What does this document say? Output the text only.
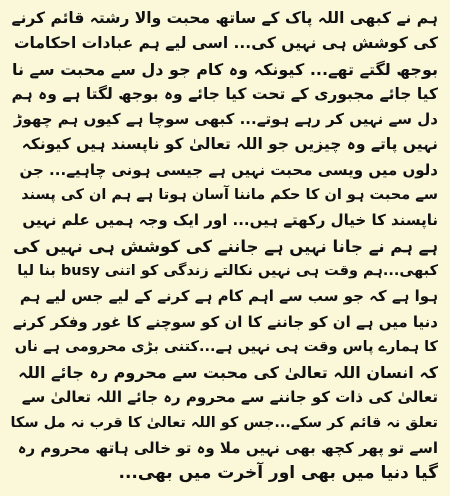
ہم نے کبھی اللہ پاک کے ساتھ محبت والا رشتہ قائم کرنے
کی کوشش ہی نہیں کی... اسی لیے ہم عبادات احکامات
بوجھ لگتے تھے... کیونکہ وہ کام جو دل سے محبت سے نا
کیا جائے مجبوری کے تحت کیا جائے وہ بوجھ لگتا ہے وہ ہم
دل سے نہیں کر رہے ہوتے... کبھی سوچا ہے کیوں ہم چھوڑ
نہیں پاتے وہ چیزیں جو اللہ تعالیٰ کو ناپسند ہیں کیونکہ
دلوں میں ویسی محبت نہیں ہے جیسی ہونی چاہیے... جن
سے محبت ہو ان کا حکم ماننا آسان ہوتا ہے ہم ان کی پسند
ناپسند کا خیال رکھتے ہیں... اور ایک وجہ ہمیں علم نہیں
ہے ہم نے جانا نہیں ہے جاننے کی کوشش ہی نہیں کی
کبھی...ہم وقت ہی نہیں نکالتے زندگی کو اتنی busy بنا لیا
ہوا ہے کہ جو سب سے اہم کام ہے کرنے کے لیے جس لیے ہم
دنیا میں ہے ان کو جاننے کا ان کو سوچنے کا غور وفکر کرنے
کا ہمارے پاس وقت ہی نہیں ہے...کتنی بڑی محرومی ہے ناں
کہ انسان اللہ تعالیٰ کی محبت سے محروم رہ جائے اللہ
تعالیٰ کی ذات کو جاننے سے محروم رہ جائے اللہ تعالیٰ سے
تعلق نہ قائم کر سکے...جس کو اللہ تعالیٰ کا قرب نہ مل سکا
اسے تو پھر کچھ بھی نہیں ملا وہ تو خالی ہاتھ محروم رہ
گیا دنیا میں بھی اور آخرت میں بھی...
